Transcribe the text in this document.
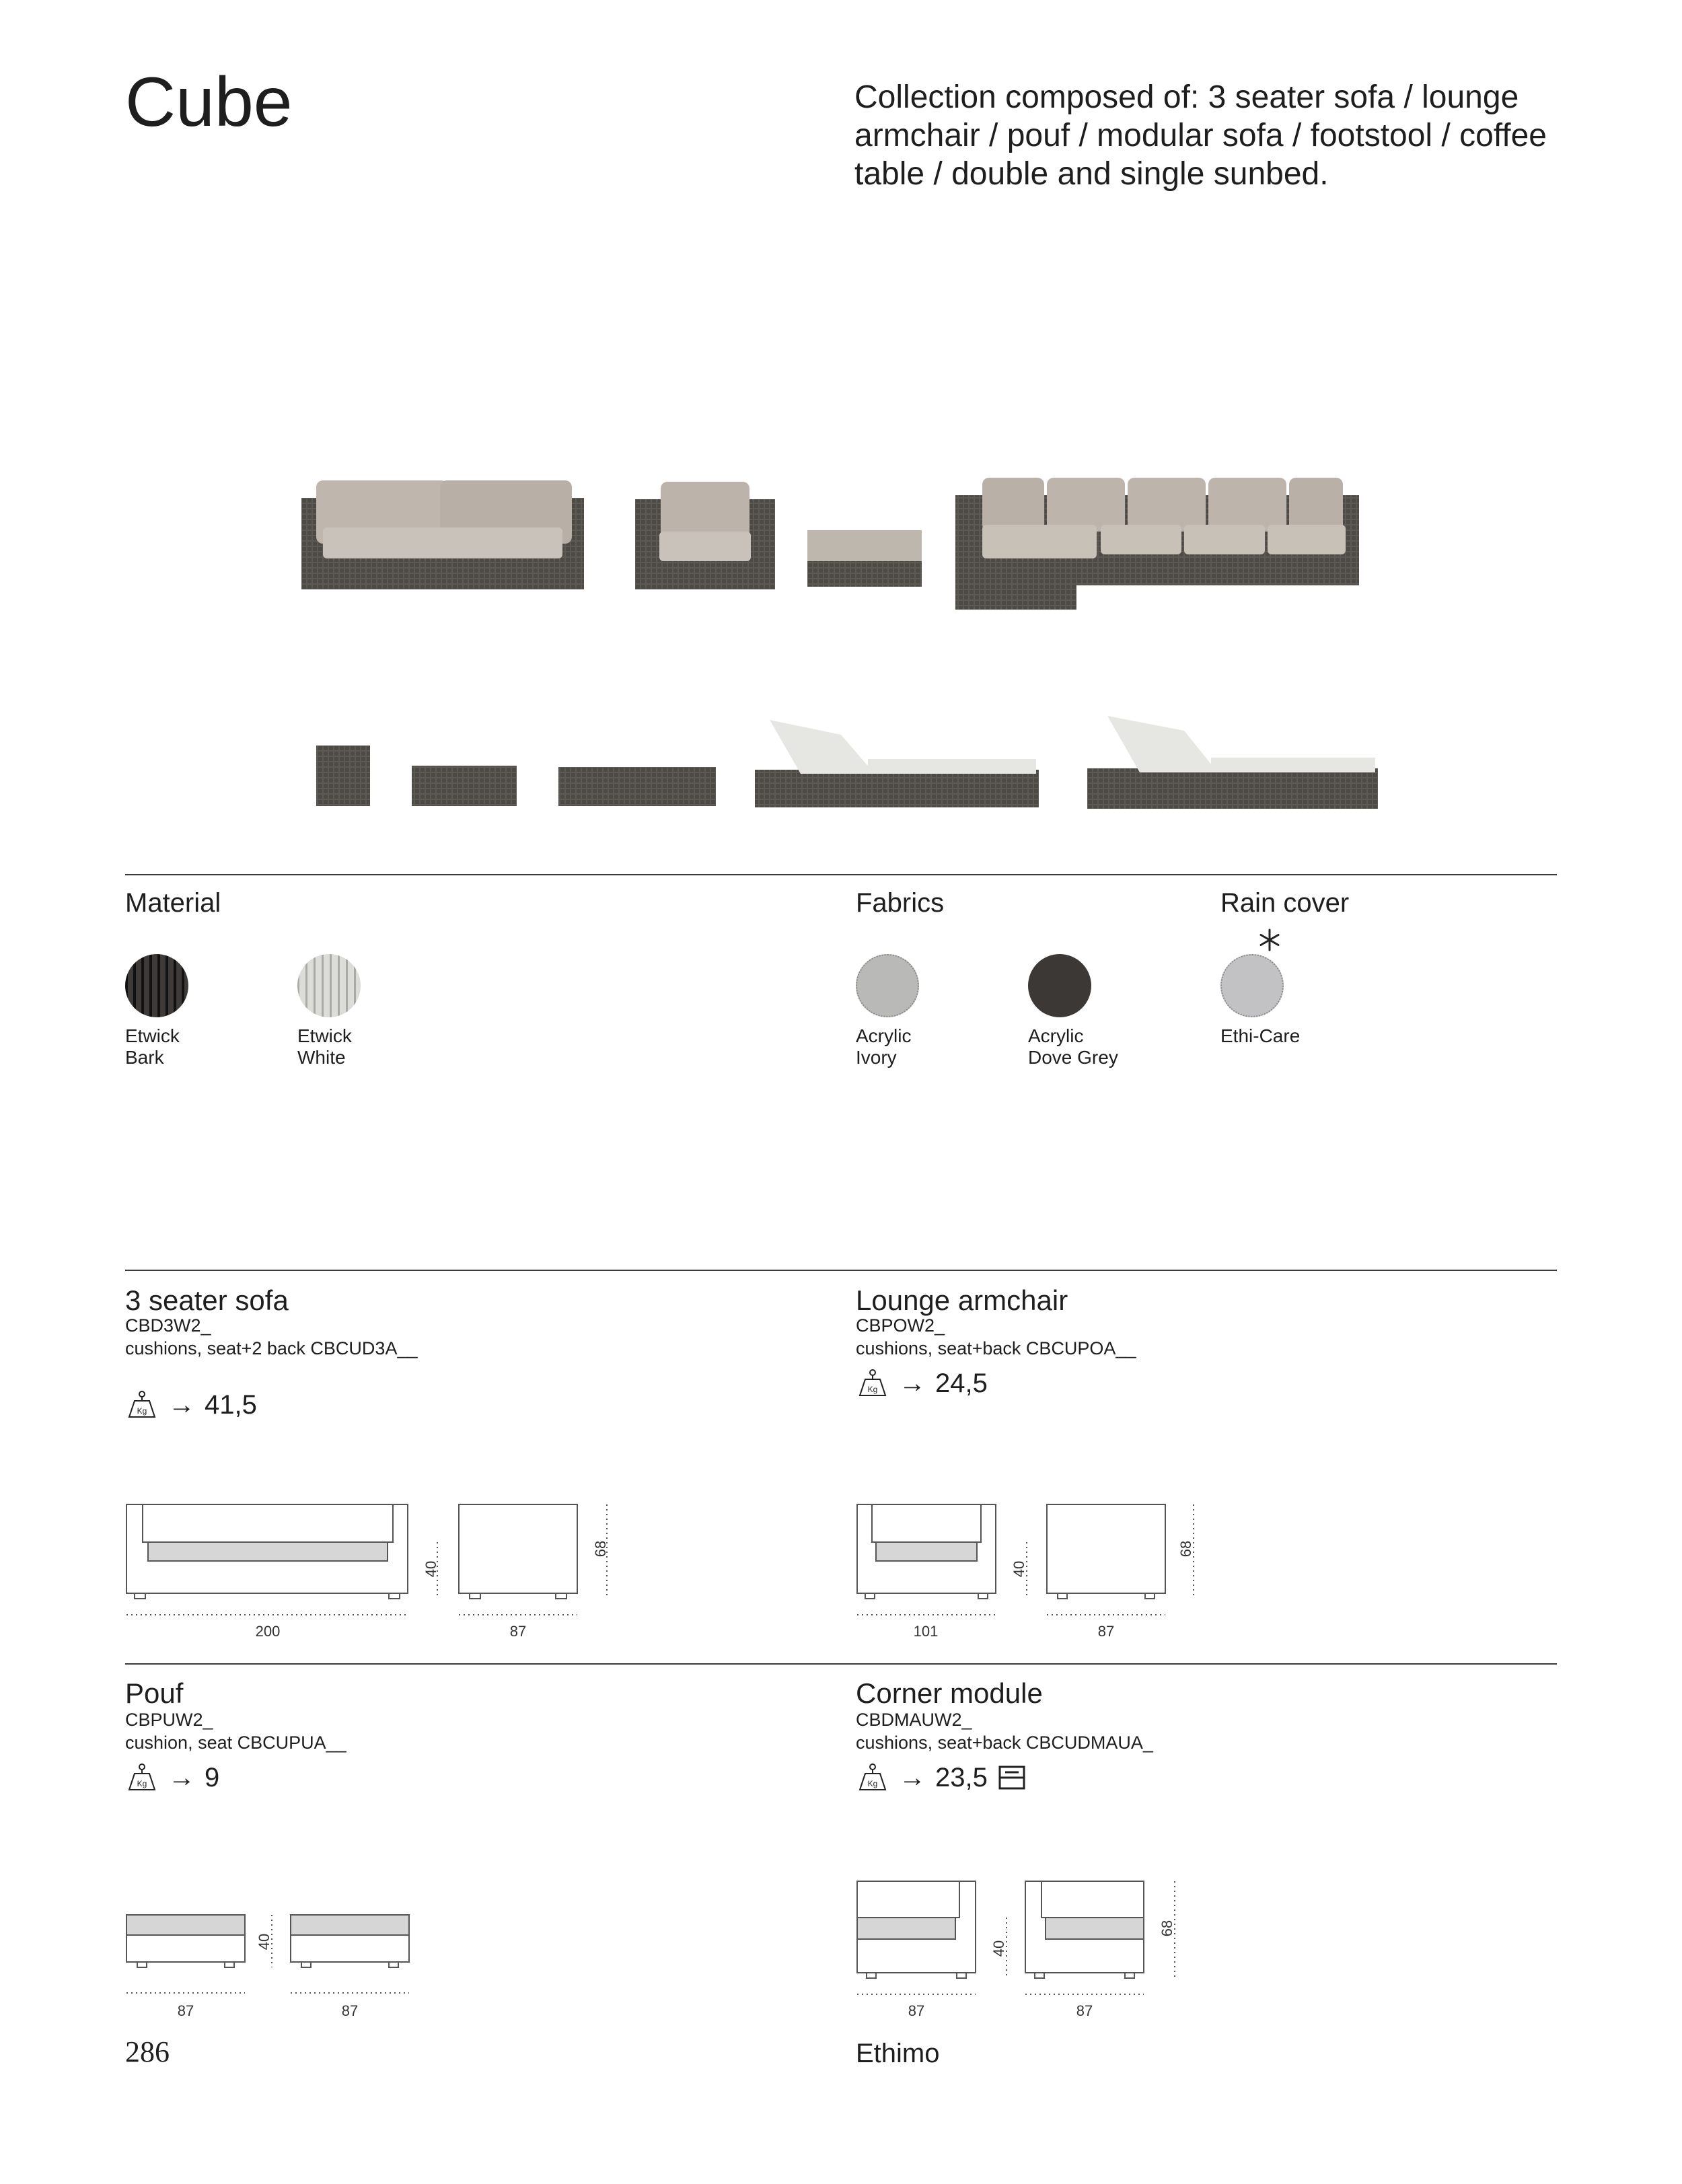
Cube	Collection composed of: 3 seater sofa / lounge armchair / pouf / modular sofa / footstool / coffee table / double and single sunbed.
Material
Etwick
Bark
Etwick
White
Fabrics
Acrylic
Ivory
Acrylic
Dove Grey
Rain cover
Ethi-Care
3 seater sofa
CBD3W2_
cushions, seat+2 back CBCUD3A__
Kg → 41,5
200	87
40
68
Lounge armchair
CBPOW2_
cushions, seat+back CBCUPOA__
Kg → 24,5
101	87
40
68
Pouf
CBPUW2_
cushion, seat CBCUPUA__
Kg → 9
87	87
40
Corner module
CBDMAUW2_
cushions, seat+back CBCUDMAUA_
Kg → 23,5
87	87
40
68
286	Ethimo
